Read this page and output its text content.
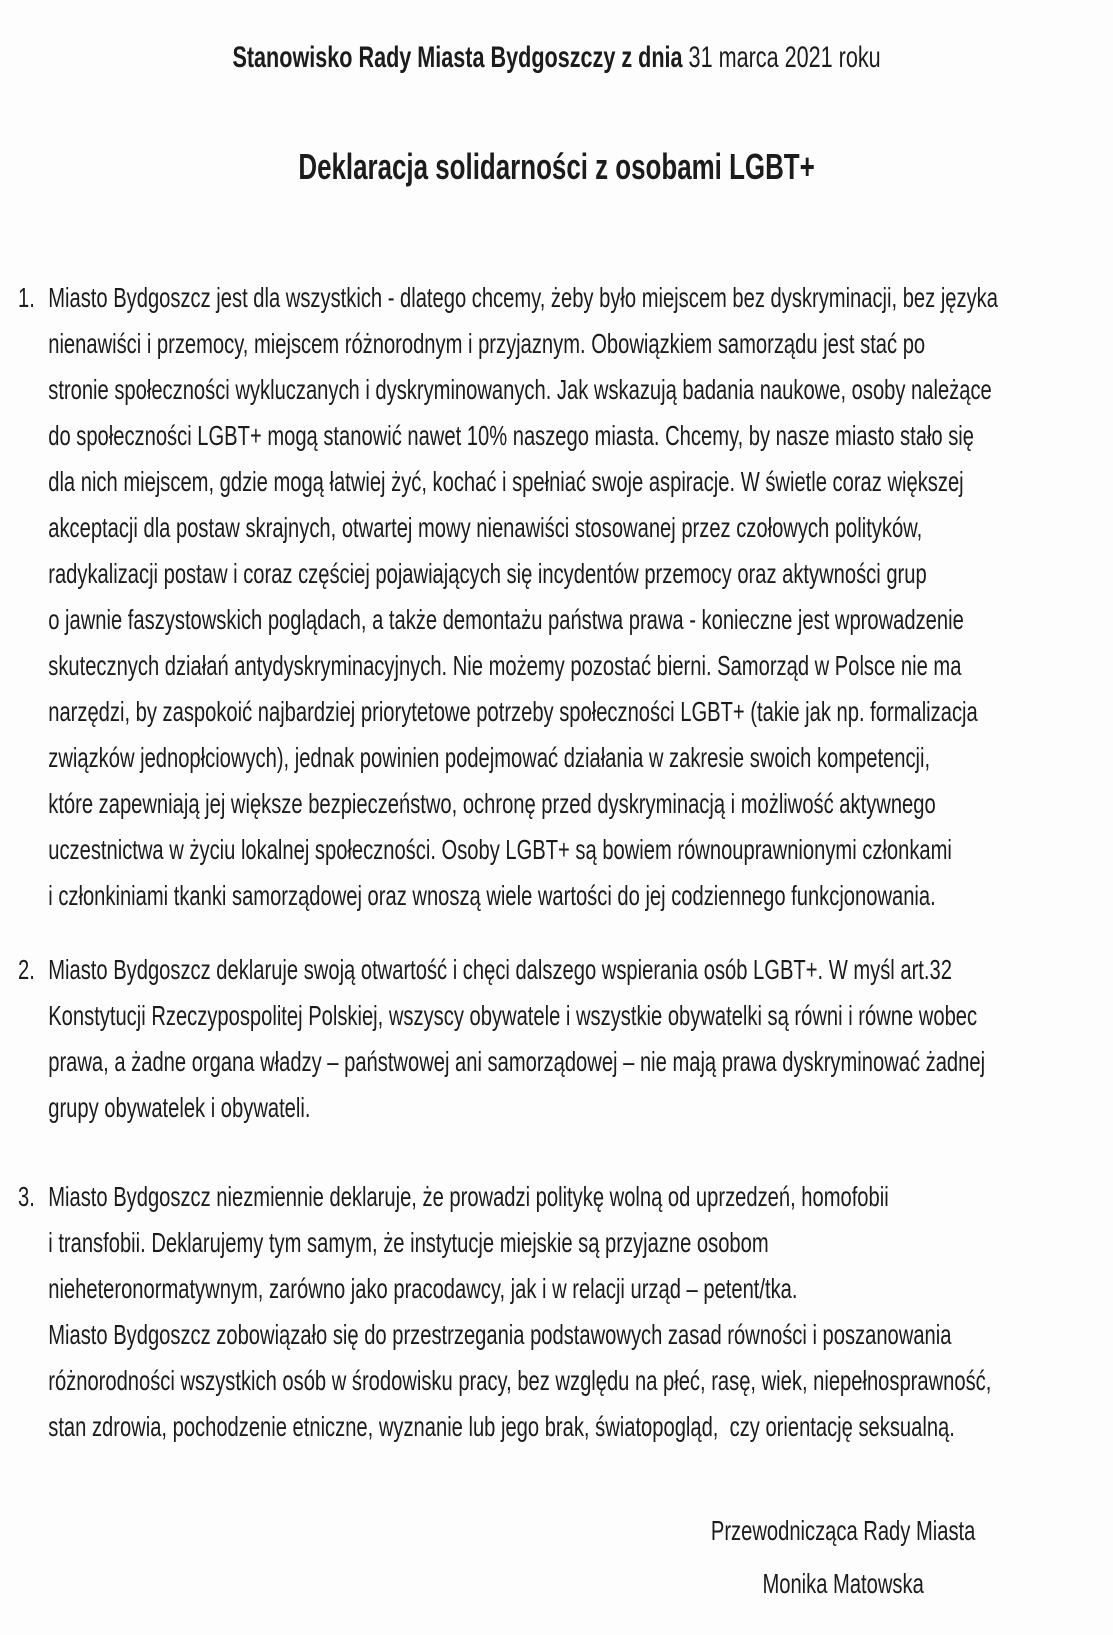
Stanowisko Rady Miasta Bydgoszczy z dnia 31 marca 2021 roku
Deklaracja solidarności z osobami LGBT+
1. Miasto Bydgoszcz jest dla wszystkich - dlatego chcemy, żeby było miejscem bez dyskryminacji, bez języka
nienawiści i przemocy, miejscem różnorodnym i przyjaznym. Obowiązkiem samorządu jest stać po
stronie społeczności wykluczanych i dyskryminowanych. Jak wskazują badania naukowe, osoby należące
do społeczności LGBT+ mogą stanowić nawet 10% naszego miasta. Chcemy, by nasze miasto stało się
dla nich miejscem, gdzie mogą łatwiej żyć, kochać i spełniać swoje aspiracje. W świetle coraz większej
akceptacji dla postaw skrajnych, otwartej mowy nienawiści stosowanej przez czołowych polityków,
radykalizacji postaw i coraz częściej pojawiających się incydentów przemocy oraz aktywności grup
o jawnie faszystowskich poglądach, a także demontażu państwa prawa - konieczne jest wprowadzenie
skutecznych działań antydyskryminacyjnych. Nie możemy pozostać bierni. Samorząd w Polsce nie ma
narzędzi, by zaspokoić najbardziej priorytetowe potrzeby społeczności LGBT+ (takie jak np. formalizacja
związków jednopłciowych), jednak powinien podejmować działania w zakresie swoich kompetencji,
które zapewniają jej większe bezpieczeństwo, ochronę przed dyskryminacją i możliwość aktywnego
uczestnictwa w życiu lokalnej społeczności. Osoby LGBT+ są bowiem równouprawnionymi członkami
i członkiniami tkanki samorządowej oraz wnoszą wiele wartości do jej codziennego funkcjonowania.
2. Miasto Bydgoszcz deklaruje swoją otwartość i chęci dalszego wspierania osób LGBT+. W myśl art.32
Konstytucji Rzeczypospolitej Polskiej, wszyscy obywatele i wszystkie obywatelki są równi i równe wobec
prawa, a żadne organa władzy – państwowej ani samorządowej – nie mają prawa dyskryminować żadnej
grupy obywatelek i obywateli.
3. Miasto Bydgoszcz niezmiennie deklaruje, że prowadzi politykę wolną od uprzedzeń, homofobii
i transfobii. Deklarujemy tym samym, że instytucje miejskie są przyjazne osobom
nieheteronormatywnym, zarówno jako pracodawcy, jak i w relacji urząd – petent/tka.
Miasto Bydgoszcz zobowiązało się do przestrzegania podstawowych zasad równości i poszanowania
różnorodności wszystkich osób w środowisku pracy, bez względu na płeć, rasę, wiek, niepełnosprawność,
stan zdrowia, pochodzenie etniczne, wyznanie lub jego brak, światopogląd,  czy orientację seksualną.
Przewodnicząca Rady Miasta
Monika Matowska
